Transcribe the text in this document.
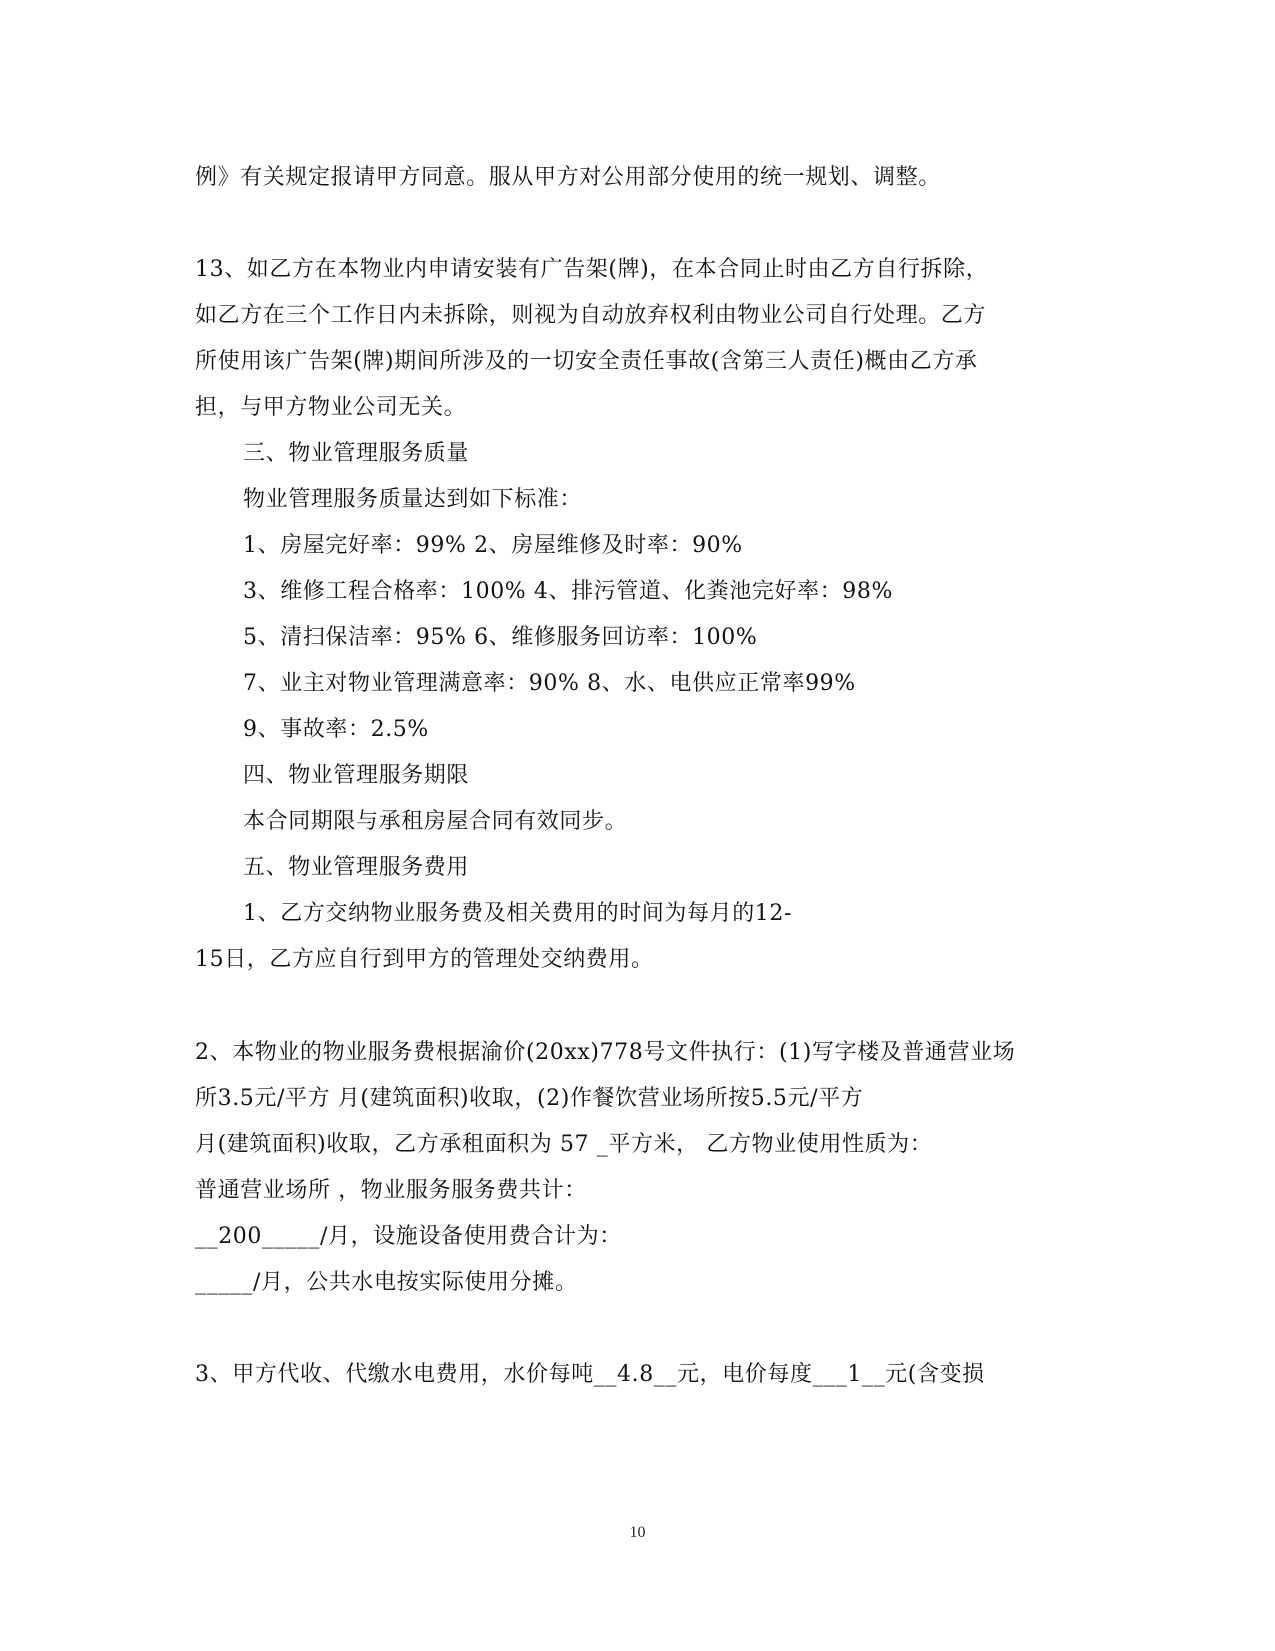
例》有关规定报请甲方同意。服从甲方对公用部分使用的统一规划、调整。
13、如乙方在本物业内申请安装有广告架(牌)，在本合同止时由乙方自行拆除，
如乙方在三个工作日内未拆除，则视为自动放弃权利由物业公司自行处理。乙方
所使用该广告架(牌)期间所涉及的一切安全责任事故(含第三人责任)概由乙方承
担，与甲方物业公司无关。
三、物业管理服务质量
物业管理服务质量达到如下标准：
1、房屋完好率：99% 2、房屋维修及时率：90%
3、维修工程合格率：100% 4、排污管道、化粪池完好率：98%
5、清扫保洁率：95% 6、维修服务回访率：100%
7、业主对物业管理满意率：90% 8、水、电供应正常率99%
9、事故率：2.5%
四、物业管理服务期限
本合同期限与承租房屋合同有效同步。
五、物业管理服务费用
1、乙方交纳物业服务费及相关费用的时间为每月的12-
15日，乙方应自行到甲方的管理处交纳费用。
2、本物业的物业服务费根据渝价(20xx)778号文件执行：(1)写字楼及普通营业场
所3.5元/平方 月(建筑面积)收取，(2)作餐饮营业场所按5.5元/平方
月(建筑面积)收取，乙方承租面积为 57 _平方米， 乙方物业使用性质为：
普通营业场所 ，物业服务服务费共计：
__200_____/月，设施设备使用费合计为：
_____/月，公共水电按实际使用分摊。
3、甲方代收、代缴水电费用，水价每吨__4.8__元，电价每度___1__元(含变损
10
